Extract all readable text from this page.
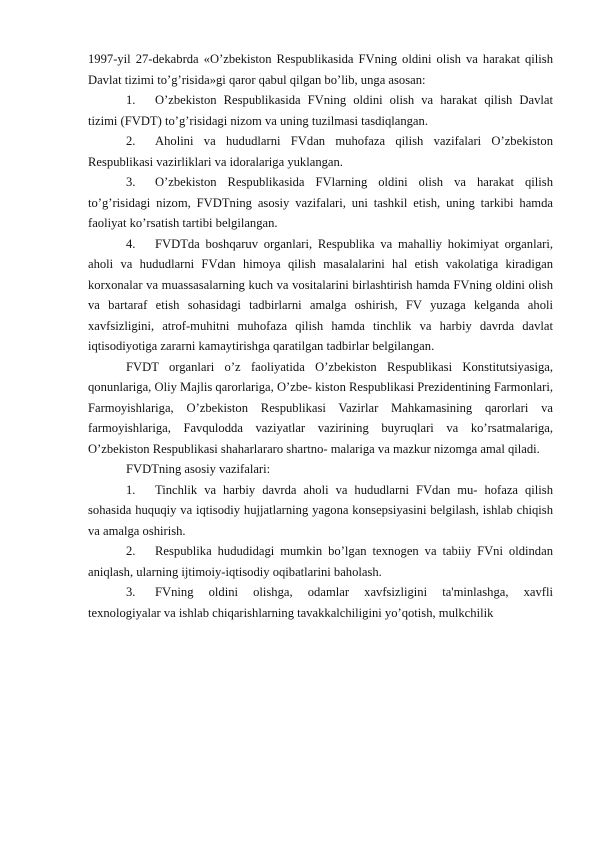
1997-yil 27-dekabrda «O’zbekiston Respublikasida FVning oldini olish va harakat qilish Davlat tizimi to’g’risida»gi qaror qabul qilgan bo’lib, unga asosan:

1. O’zbekiston Respublikasida FVning oldini olish va harakat qilish Davlat tizimi (FVDT) to’g’risidagi nizom va uning tuzilmasi tasdiqlangan.

2. Aholini va hududlarni FVdan muhofaza qilish vazifalari O’zbekiston Respublikasi vazirliklari va idoralariga yuklangan.

3. O’zbekiston Respublikasida FVlarning oldini olish va harakat qilish to’g’risidagi nizom, FVDTning asosiy vazifalari, uni tashkil etish, uning tarkibi hamda faoliyat ko’rsatish tartibi belgilangan.

4. FVDTda boshqaruv organlari, Respublika va mahalliy hokimiyat organlari, aholi va hududlarni FVdan himoya qilish masalalarini hal etish vakolatiga kiradigan korxonalar va muassasalarning kuch va vositalarini birlashtirish hamda FVning oldini olish va bartaraf etish sohasidagi tadbirlarni amalga oshirish, FV yuzaga kelganda aholi xavfsizligini, atrof-muhitni muhofaza qilish hamda tinchlik va harbiy davrda davlat iqtisodiyotiga zararni kamaytirishga qaratilgan tadbirlar belgilangan.

FVDT organlari o’z faoliyatida O’zbekiston Respublikasi Konstitutsiyasiga, qonunlariga, Oliy Majlis qarorlariga, O’zbe- kiston Respublikasi Prezidentining Farmonlari, Farmoyishlariga, O’zbekiston Respublikasi Vazirlar Mahkamasining qarorlari va farmoyishlariga, Favqulodda vaziyatlar vazirining buyruqlari va ko’rsatmalariga, O’zbekiston Respublikasi shaharlararo shartno- malariga va mazkur nizomga amal qiladi.

FVDTning asosiy vazifalari:

1. Tinchlik va harbiy davrda aholi va hududlarni FVdan mu- hofaza qilish sohasida huquqiy va iqtisodiy hujjatlarning yagona konsepsiyasini belgilash, ishlab chiqish va amalga oshirish.

2. Respublika hududidagi mumkin bo’lgan texnogen va tabiiy FVni oldindan aniqlash, ularning ijtimoiy-iqtisodiy oqibatlarini baholash.

3. FVning oldini olishga, odamlar xavfsizligini ta'minlashga, xavfli texnologiyalar va ishlab chiqarishlarning tavakkalchiligini yo’qotish, mulkchilik
